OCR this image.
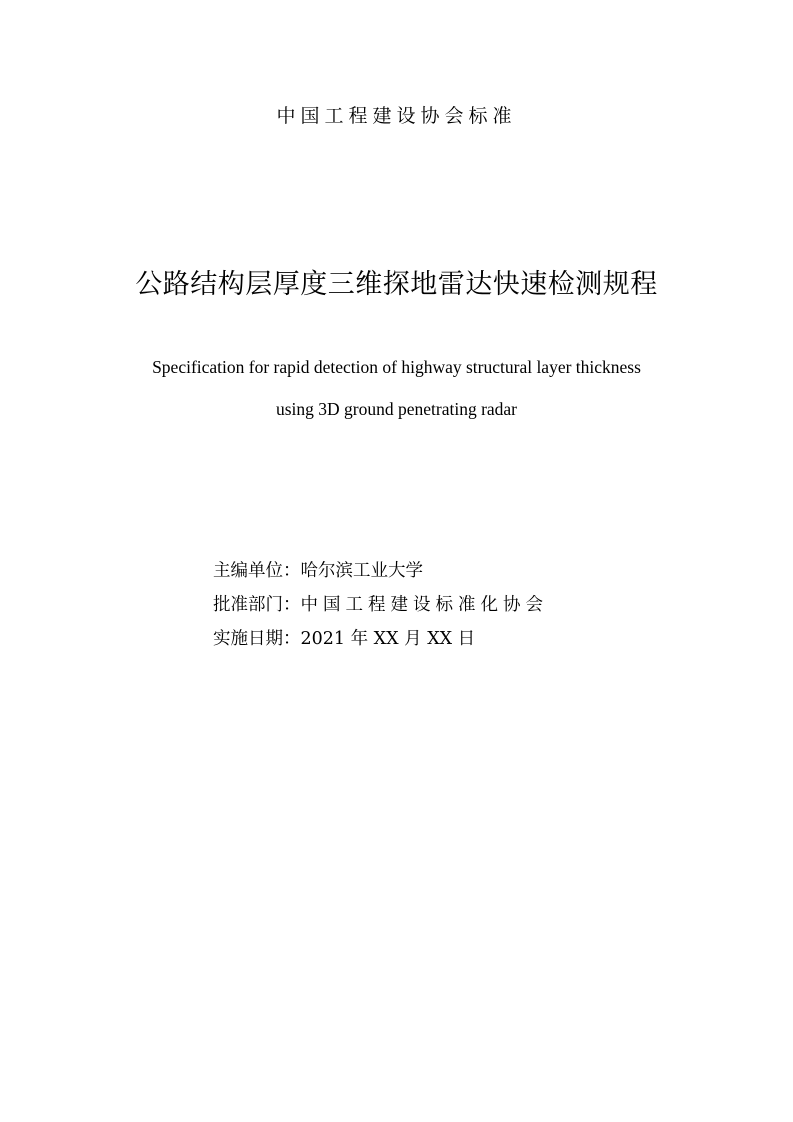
中国工程建设协会标准
公路结构层厚度三维探地雷达快速检测规程
Specification for rapid detection of highway structural layer thickness
using 3D ground penetrating radar
主编单位：哈尔滨工业大学
批准部门：中国工程建设标准化协会
实施日期：2021 年 XX 月 XX 日
